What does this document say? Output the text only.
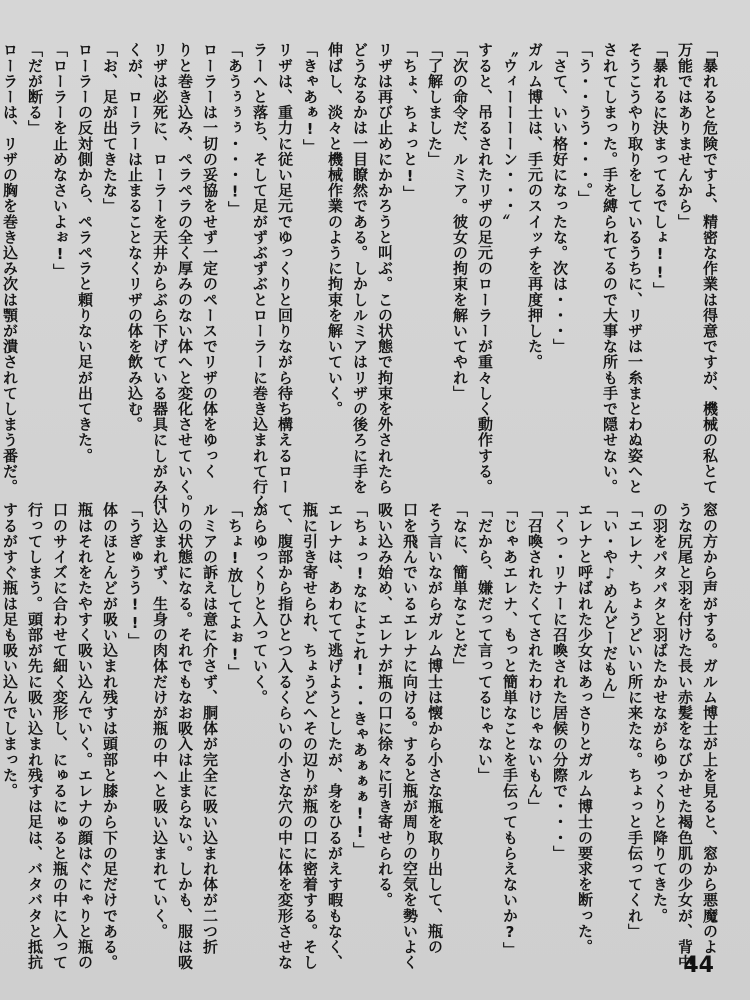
「暴れると危険ですよ、精密な作業は得意ですが、機械の私とて
万能ではありませんから」
「暴れるに決まってるでしょ!!」
そうこうやり取りをしているうちに、リザは一糸まとわぬ姿へと
されてしまった。手を縛られてるので大事な所も手で隠せない。
「う・・うう・・・。」
「さて、いい格好になったな。次は・・・」
ガルム博士は、手元のスイッチを再度押した。
〝ウィーーーーン・・・〟
すると、吊るされたリザの足元のローラーが重々しく動作する。
「次の命令だ、ルミア。彼女の拘束を解いてやれ」
「了解しました」
「ちょ、ちょっと!」
リザは再び止めにかかろうと叫ぶ。この状態で拘束を外されたら
どうなるかは一目瞭然である。しかしルミアはリザの後ろに手を
伸ばし、淡々と機械作業のように拘束を解いていく。
「きゃあぁ!」
リザは、重力に従い足元でゆっくりと回りながら待ち構えるロー
ラーへと落ち、そして足がずぶずぶとローラーに巻き込まれて行く。
「あうぅぅぅ・・・!」
ローラーは一切の妥協をせず一定のペースでリザの体をゆっく
りと巻き込み、ペラペラの全く厚みのない体へと変化させていく。
リザは必死に、ローラーを天井からぶら下げている器具にしがみ付
くが、ローラーは止まることなくリザの体を飲み込む。
「お、足が出てきたな」
ローラーの反対側から、ペラペラと頼りない足が出てきた。
「ローラーを止めなさいよぉ!」
「だが断る」
ローラーは、リザの胸を巻き込み次は顎が潰されてしまう番だ。
窓の方から声がする。ガルム博士が上を見ると、窓から悪魔のよ
うな尻尾と羽を付けた長い赤髪をなびかせた褐色肌の少女が、背中
の羽をパタパタと羽ばたかせながらゆっくりと降りてきた。
「エレナ、ちょうどいい所に来たな。ちょっと手伝ってくれ」
「い・や♪めんどーだもん」
エレナと呼ばれた少女はあっさりとガルム博士の要求を断った。
「くっ・リナーに召喚された居候の分際で・・・」
「召喚されたくてされたわけじゃないもん」
「じゃあエレナ、もっと簡単なことを手伝ってもらえないか?」
「だから、嫌だって言ってるじゃない」
「なに、簡単なことだ」
そう言いながらガルム博士は懐から小さな瓶を取り出して、瓶の
口を飛んでいるエレナに向ける。すると瓶が周りの空気を勢いよく
吸い込み始め、エレナが瓶の口に徐々に引き寄せられる。
「ちょっ!なによこれ!・・きゃあぁぁぁ!!」
エレナは、あわてて逃げようとしたが、身をひるがえす暇もなく、
瓶に引き寄せられ、ちょうどへその辺りが瓶の口に密着する。そし
て、腹部から指ひとつ入るくらいの小さな穴の中に体を変形させな
がらゆっくりと入っていく。
「ちょ!放してよぉ!」
ルミアの訴えは意に介さず、胴体が完全に吸い込まれ体が二つ折
りの状態になる。それでもなお吸入は止まらない。しかも、服は吸
い込まれず、生身の肉体だけが瓶の中へと吸い込まれていく。
「うぎゅうう!!」
体のほとんどが吸い込まれ残すは頭部と膝から下の足だけである。
瓶はそれをたやすく吸い込んでいく。エレナの顔はぐにゃりと瓶の
口のサイズに合わせて細く変形し、にゅるにゅると瓶の中に入って
行ってしまう。頭部が先に吸い込まれ残すは足は、バタバタと抵抗
するがすぐ瓶は足も吸い込んでしまった。
44
